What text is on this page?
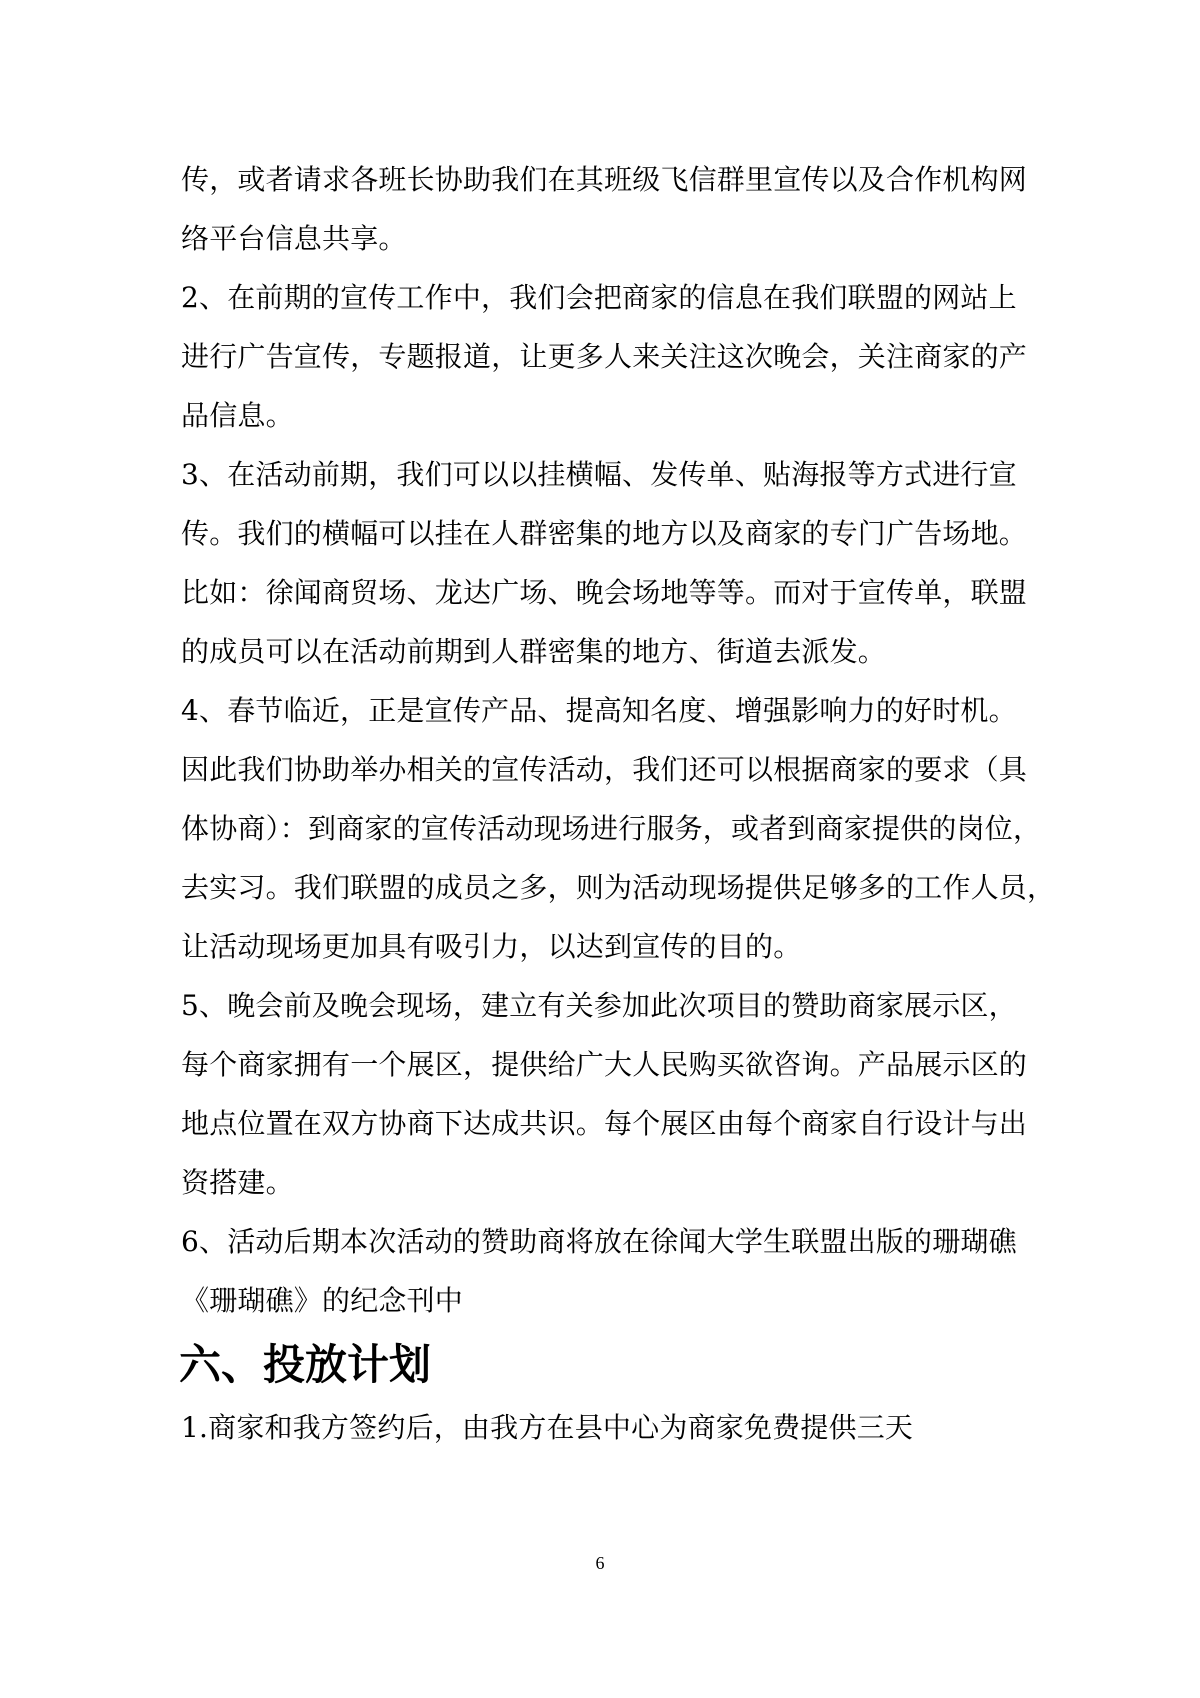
传，或者请求各班长协助我们在其班级飞信群里宣传以及合作机构网
络平台信息共享。
2、在前期的宣传工作中，我们会把商家的信息在我们联盟的网站上
进行广告宣传，专题报道，让更多人来关注这次晚会，关注商家的产
品信息。
3、在活动前期，我们可以以挂横幅、发传单、贴海报等方式进行宣
传。我们的横幅可以挂在人群密集的地方以及商家的专门广告场地。
比如：徐闻商贸场、龙达广场、晚会场地等等。而对于宣传单，联盟
的成员可以在活动前期到人群密集的地方、街道去派发。
4、春节临近，正是宣传产品、提高知名度、增强影响力的好时机。
因此我们协助举办相关的宣传活动，我们还可以根据商家的要求（具
体协商）：到商家的宣传活动现场进行服务，或者到商家提供的岗位，
去实习。我们联盟的成员之多，则为活动现场提供足够多的工作人员，
让活动现场更加具有吸引力，以达到宣传的目的。
5、晚会前及晚会现场，建立有关参加此次项目的赞助商家展示区，
每个商家拥有一个展区，提供给广大人民购买欲咨询。产品展示区的
地点位置在双方协商下达成共识。每个展区由每个商家自行设计与出
资搭建。
6、活动后期本次活动的赞助商将放在徐闻大学生联盟出版的珊瑚礁
《珊瑚礁》的纪念刊中
六、投放计划
1.商家和我方签约后，由我方在县中心为商家免费提供三天
6
